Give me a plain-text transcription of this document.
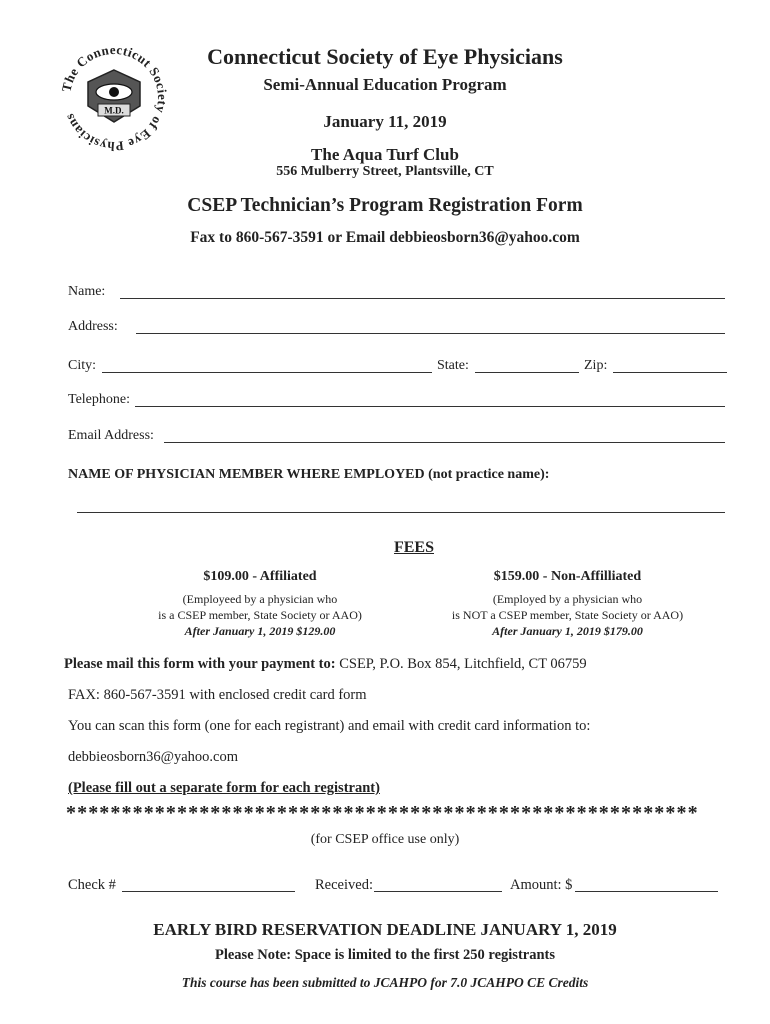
The Connecticut Society of Eye Physicians
M.D.
Connecticut Society of Eye Physicians
Semi-Annual Education Program
January 11, 2019
The Aqua Turf Club
556 Mulberry Street, Plantsville, CT
CSEP Technician’s Program Registration Form
Fax to 860-567-3591 or Email debbieosborn36@yahoo.com
Name:
Address:
City:	State:	Zip:
Telephone:
Email Address:
NAME OF PHYSICIAN MEMBER WHERE EMPLOYED (not practice name):
FEES
$109.00 - Affiliated
(Employeed by a physician who
is a CSEP member, State Society or AAO)
After January 1, 2019 $129.00
$159.00 - Non-Affilliated
(Employed by a physician who
is NOT a CSEP member, State Society or AAO)
After January 1, 2019 $179.00
Please mail this form with your payment to: CSEP, P.O. Box 854, Litchfield, CT 06759
FAX: 860-567-3591 with enclosed credit card form
You can scan this form (one for each registrant) and email with credit card information to:
debbieosborn36@yahoo.com
(Please fill out a separate form for each registrant)
*********************************************************
(for CSEP office use only)
Check #	Received:	Amount: $
EARLY BIRD RESERVATION DEADLINE JANUARY 1, 2019
Please Note: Space is limited to the first 250 registrants
This course has been submitted to JCAHPO for 7.0 JCAHPO CE Credits
